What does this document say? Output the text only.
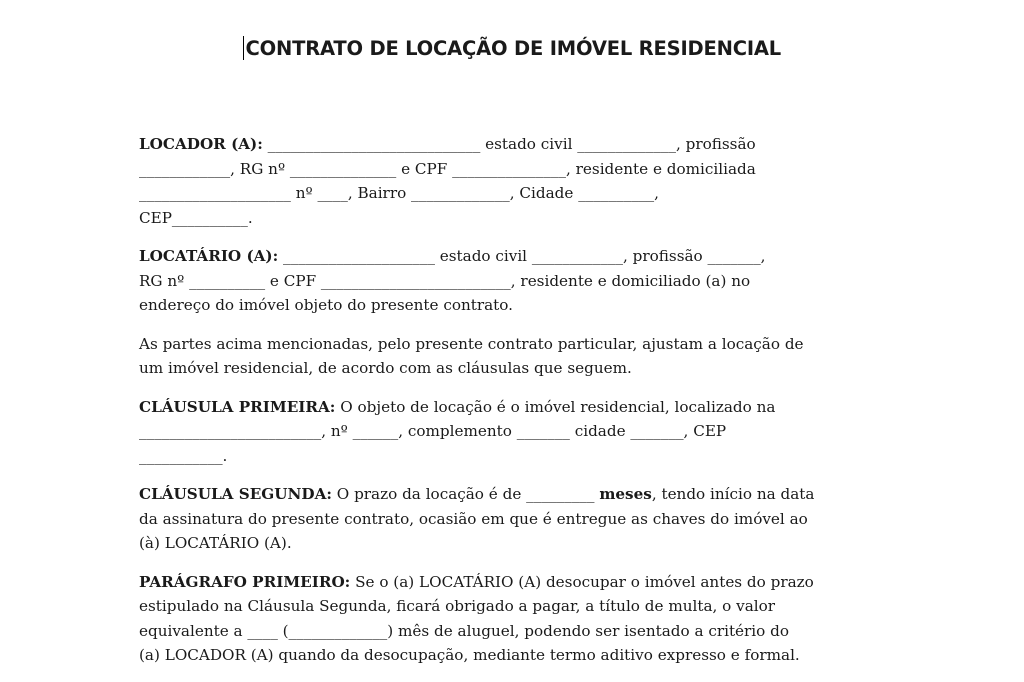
CONTRATO DE LOCAÇÃO DE IMÓVEL RESIDENCIAL
LOCADOR (A): ____________________________ estado civil _____________, profissão
____________, RG nº ______________ e CPF _______________, residente e domiciliada
____________________ nº ____, Bairro _____________, Cidade __________,
CEP__________.
LOCATÁRIO (A): ____________________ estado civil ____________, profissão _______,
RG nº __________ e CPF _________________________, residente e domiciliado (a) no
endereço do imóvel objeto do presente contrato.
As partes acima mencionadas, pelo presente contrato particular, ajustam a locação de
um imóvel residencial, de acordo com as cláusulas que seguem.
CLÁUSULA PRIMEIRA: O objeto de locação é o imóvel residencial, localizado na
________________________, nº ______, complemento _______ cidade _______, CEP
___________.
CLÁUSULA SEGUNDA: O prazo da locação é de _________ meses, tendo início na data
da assinatura do presente contrato, ocasião em que é entregue as chaves do imóvel ao
(à) LOCATÁRIO (A).
PARÁGRAFO PRIMEIRO: Se o (a) LOCATÁRIO (A) desocupar o imóvel antes do prazo
estipulado na Cláusula Segunda, ficará obrigado a pagar, a título de multa, o valor
equivalente a ____ (_____________) mês de aluguel, podendo ser isentado a critério do
(a) LOCADOR (A) quando da desocupação, mediante termo aditivo expresso e formal.
